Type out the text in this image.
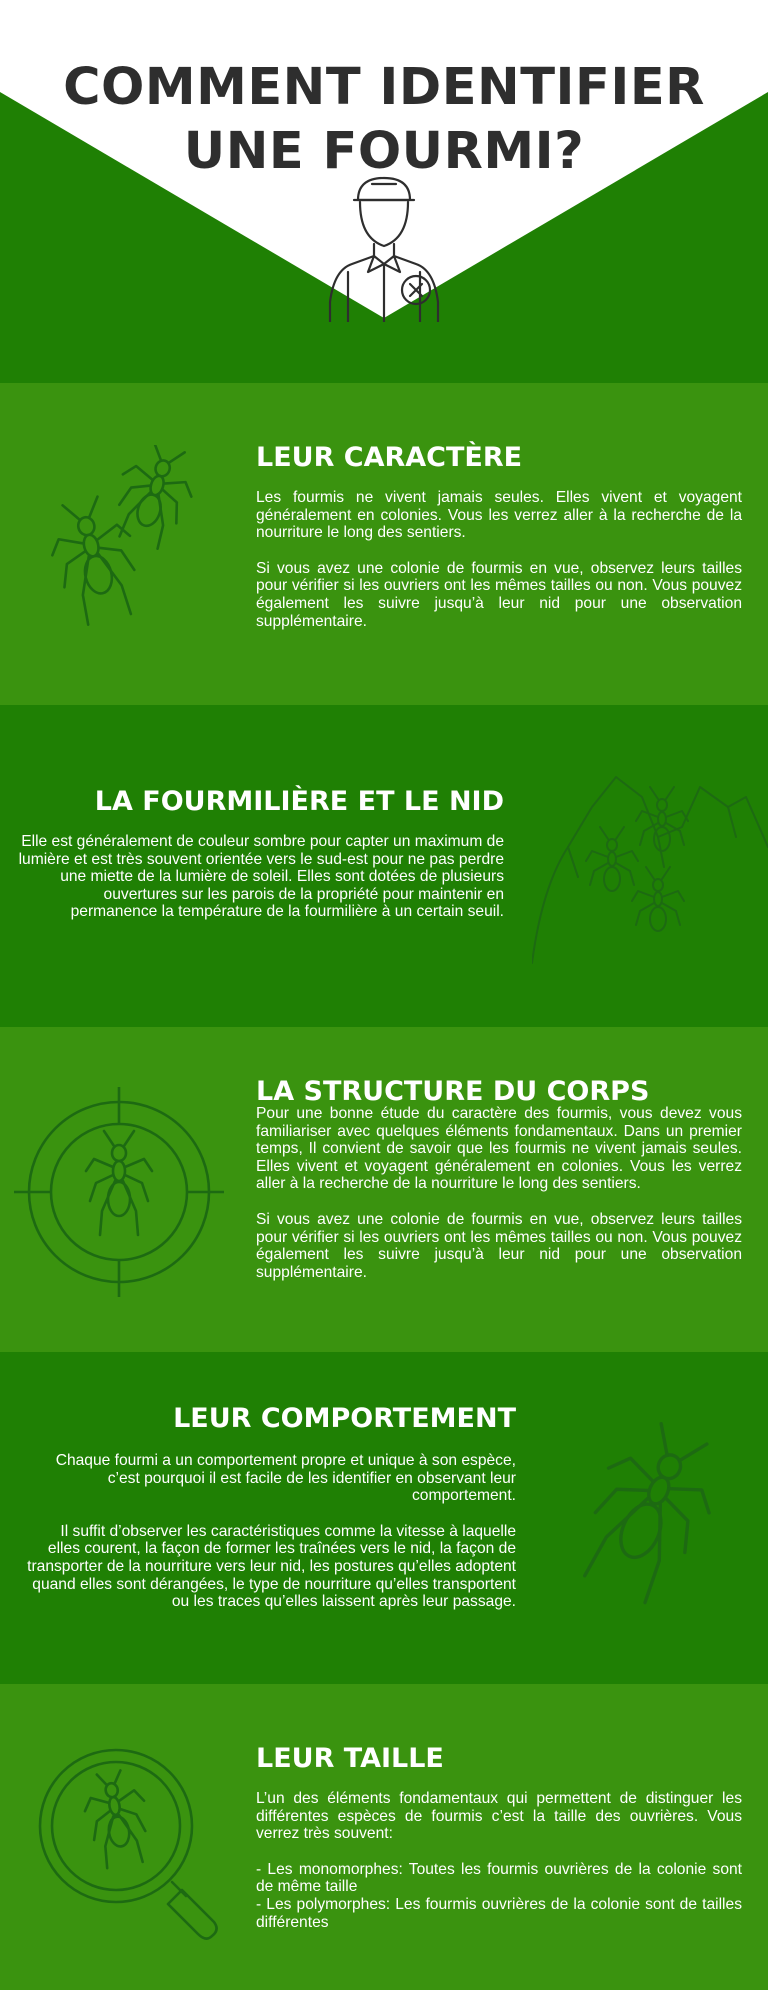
COMMENT IDENTIFIER
UNE FOURMI?
LEUR CARACTÈRE

Les fourmis ne vivent jamais seules. Elles vivent et voyagent généralement en colonies. Vous les verrez aller à la recherche de la nourriture le long des sentiers.

Si vous avez une colonie de fourmis en vue, observez leurs tailles pour vérifier si les ouvriers ont les mêmes tailles ou non. Vous pouvez également les suivre jusqu’à leur nid pour une observation supplémentaire.

LA FOURMILIÈRE ET LE NID

Elle est généralement de couleur sombre pour capter un maximum de lumière et est très souvent orientée vers le sud-est pour ne pas perdre une miette de la lumière de soleil. Elles sont dotées de plusieurs ouvertures sur les parois de la propriété pour maintenir en permanence la température de la fourmilière à un certain seuil.

LA STRUCTURE DU CORPS

Pour une bonne étude du caractère des fourmis, vous devez vous familiariser avec quelques éléments fondamentaux. Dans un premier temps, Il convient de savoir que les fourmis ne vivent jamais seules. Elles vivent et voyagent généralement en colonies. Vous les verrez aller à la recherche de la nourriture le long des sentiers.

Si vous avez une colonie de fourmis en vue, observez leurs tailles pour vérifier si les ouvriers ont les mêmes tailles ou non. Vous pouvez également les suivre jusqu’à leur nid pour une observation supplémentaire.

LEUR COMPORTEMENT

Chaque fourmi a un comportement propre et unique à son espèce, c’est pourquoi il est facile de les identifier en observant leur comportement.

Il suffit d’observer les caractéristiques comme la vitesse à laquelle elles courent, la façon de former les traînées vers le nid, la façon de transporter de la nourriture vers leur nid, les postures qu’elles adoptent quand elles sont dérangées, le type de nourriture qu’elles transportent ou les traces qu’elles laissent après leur passage.

LEUR TAILLE

L’un des éléments fondamentaux qui permettent de distinguer les différentes espèces de fourmis c’est la taille des ouvrières. Vous verrez très souvent:

- Les monomorphes: Toutes les fourmis ouvrières de la colonie sont de même taille
- Les polymorphes: Les fourmis ouvrières de la colonie sont de tailles différentes
